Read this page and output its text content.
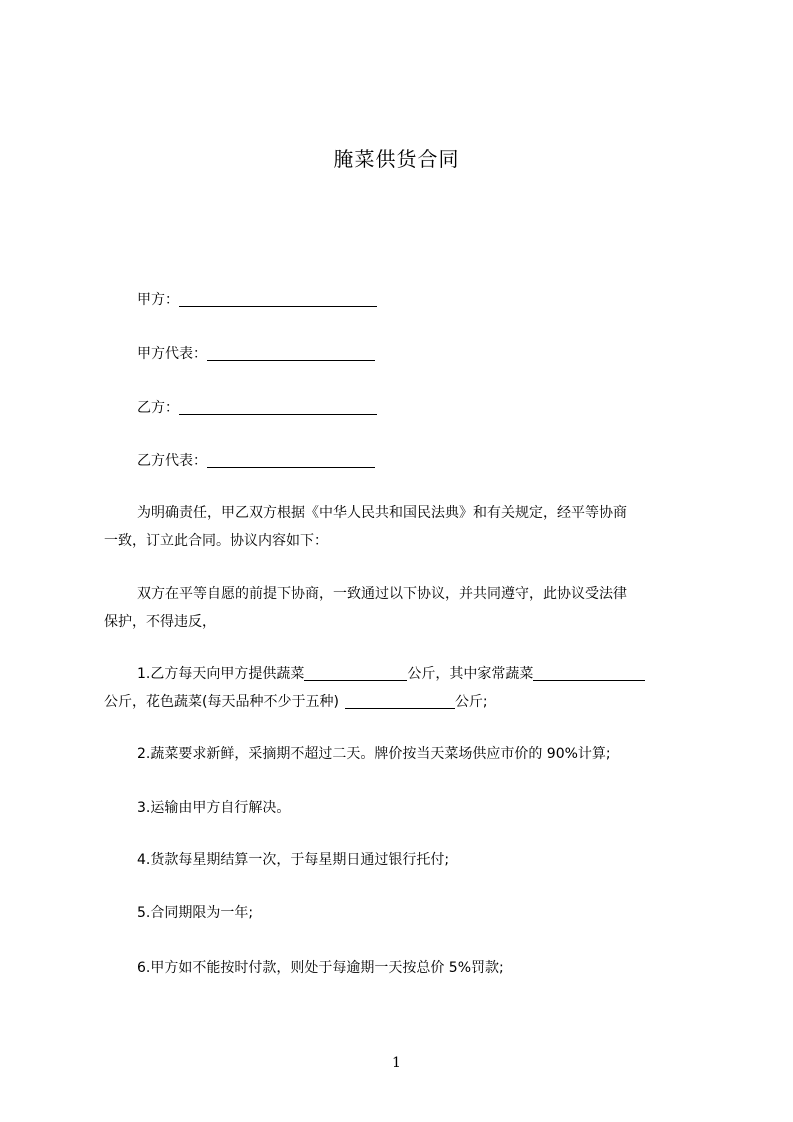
腌菜供货合同
甲方：
甲方代表：
乙方：
乙方代表：
为明确责任，甲乙双方根据《中华人民共和国民法典》和有关规定，经平等协商
一致，订立此合同。协议内容如下：
双方在平等自愿的前提下协商，一致通过以下协议，并共同遵守，此协议受法律
保护，不得违反，
1.乙方每天向甲方提供蔬菜	公斤，其中家常蔬菜
公斤，花色蔬菜(每天品种不少于五种)	公斤;
2.蔬菜要求新鲜，采摘期不超过二天。牌价按当天菜场供应市价的 90%计算;
3.运输由甲方自行解决。
4.货款每星期结算一次，于每星期日通过银行托付;
5.合同期限为一年;
6.甲方如不能按时付款，则处于每逾期一天按总价 5%罚款;
1
